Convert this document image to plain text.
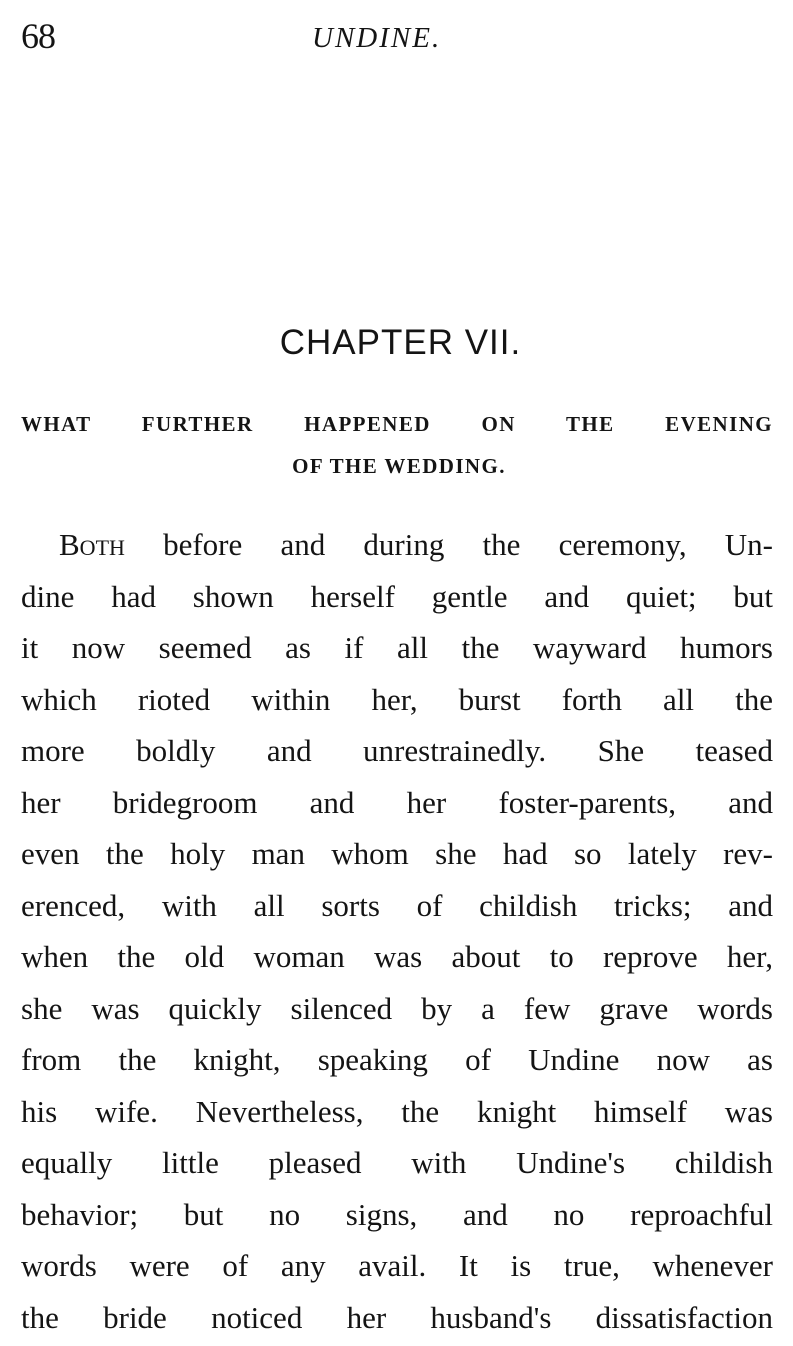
68	UNDINE.
CHAPTER VII.
WHAT FURTHER HAPPENED ON THE EVENING
OF THE WEDDING.
Both before and during the ceremony, Un-
dine had shown herself gentle and quiet; but
it now seemed as if all the wayward humors
which rioted within her, burst forth all the
more boldly and unrestrainedly. She teased
her bridegroom and her foster-parents, and
even the holy man whom she had so lately rev-
erenced, with all sorts of childish tricks; and
when the old woman was about to reprove her,
she was quickly silenced by a few grave words
from the knight, speaking of Undine now as
his wife. Nevertheless, the knight himself was
equally little pleased with Undine's childish
behavior; but no signs, and no reproachful
words were of any avail. It is true, whenever
the bride noticed her husband's dissatisfaction
